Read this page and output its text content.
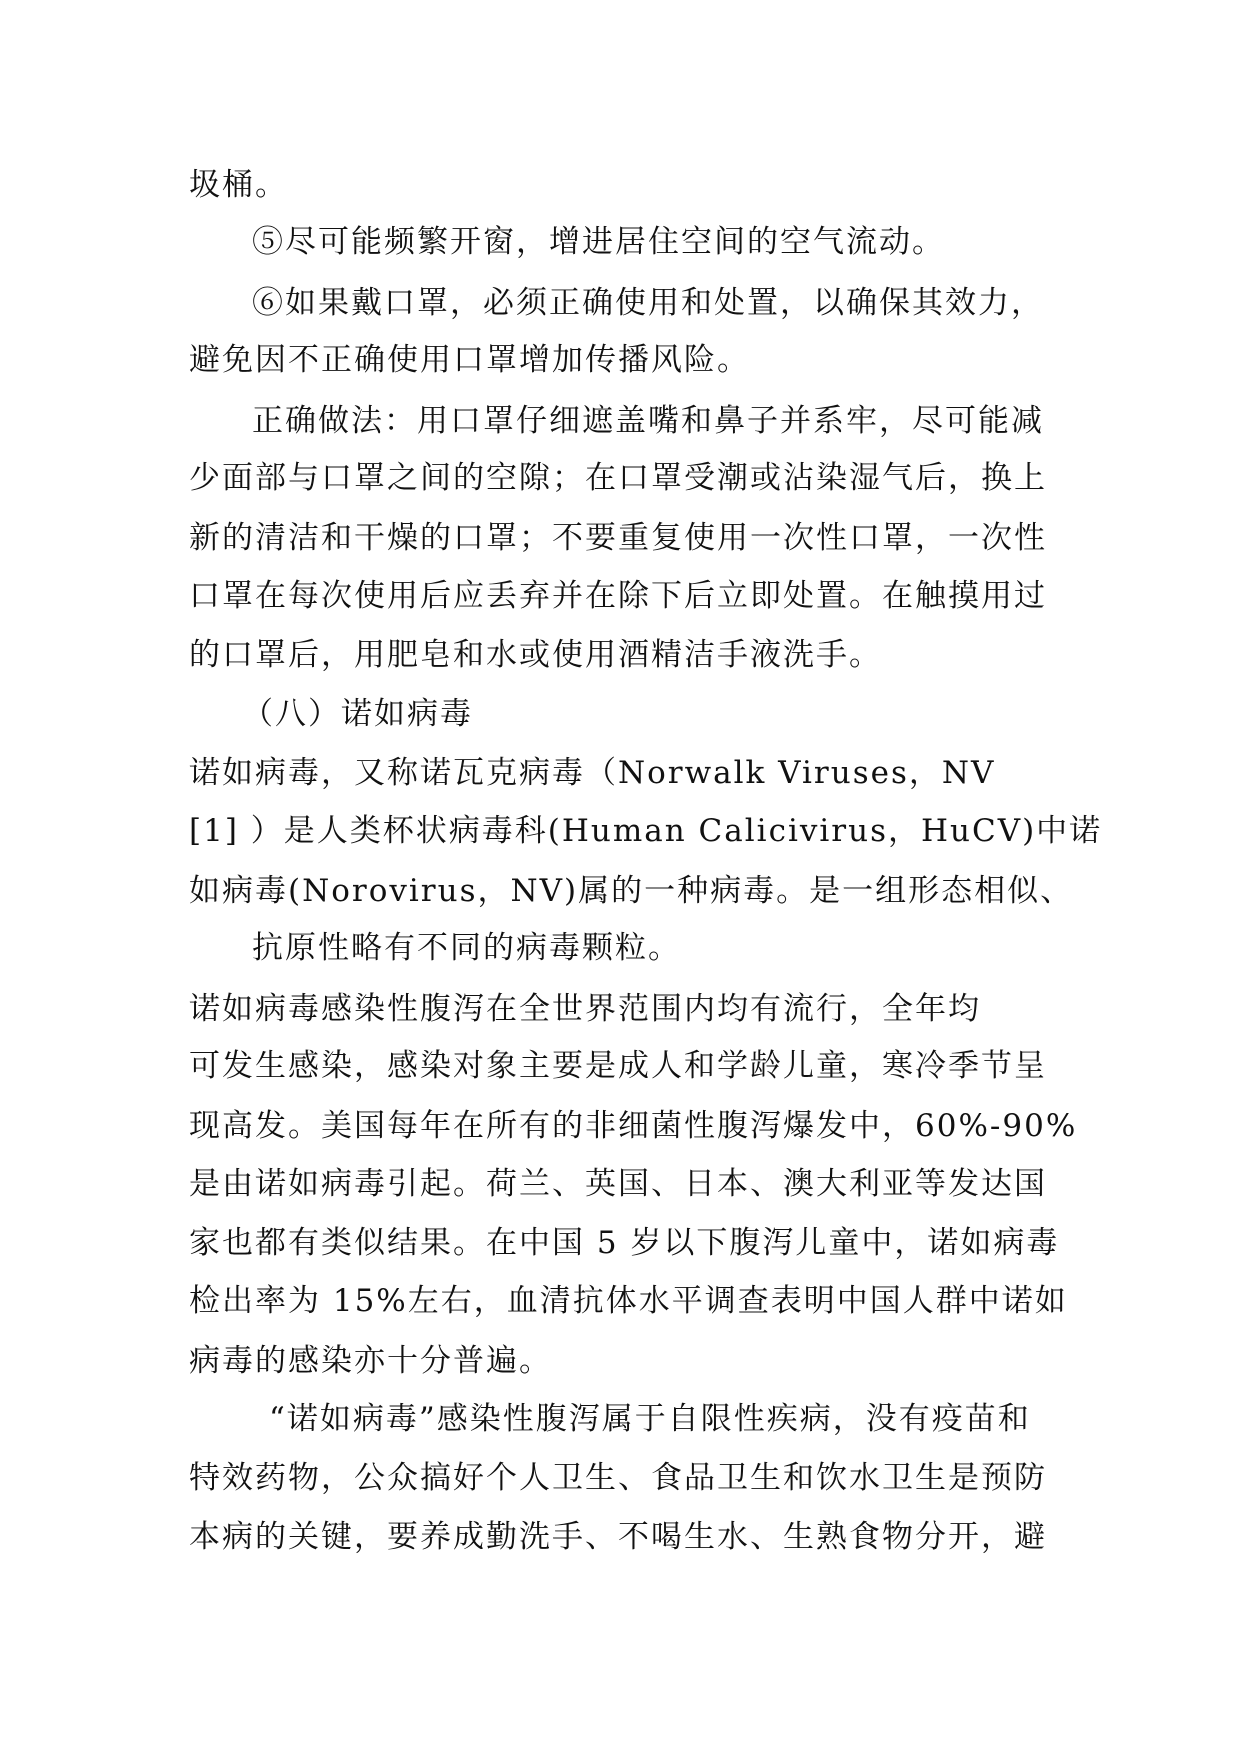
圾桶。

⑤尽可能频繁开窗，增进居住空间的空气流动。

⑥如果戴口罩，必须正确使用和处置，以确保其效力，

避免因不正确使用口罩增加传播风险。

正确做法：用口罩仔细遮盖嘴和鼻子并系牢，尽可能减

少面部与口罩之间的空隙；在口罩受潮或沾染湿气后，换上

新的清洁和干燥的口罩；不要重复使用一次性口罩，一次性

口罩在每次使用后应丢弃并在除下后立即处置。在触摸用过

的口罩后，用肥皂和水或使用酒精洁手液洗手。

（八）诺如病毒

诺如病毒，又称诺瓦克病毒（Norwalk Viruses，NV

[1] ）是人类杯状病毒科(Human Calicivirus，HuCV)中诺

如病毒(Norovirus，NV)属的一种病毒。是一组形态相似、

抗原性略有不同的病毒颗粒。

诺如病毒感染性腹泻在全世界范围内均有流行，全年均

可发生感染，感染对象主要是成人和学龄儿童，寒冷季节呈

现高发。美国每年在所有的非细菌性腹泻爆发中，60%-90%

是由诺如病毒引起。荷兰、英国、日本、澳大利亚等发达国

家也都有类似结果。在中国 5 岁以下腹泻儿童中，诺如病毒

检出率为 15%左右，血清抗体水平调查表明中国人群中诺如

病毒的感染亦十分普遍。

“诺如病毒”感染性腹泻属于自限性疾病，没有疫苗和

特效药物，公众搞好个人卫生、食品卫生和饮水卫生是预防

本病的关键，要养成勤洗手、不喝生水、生熟食物分开，避
